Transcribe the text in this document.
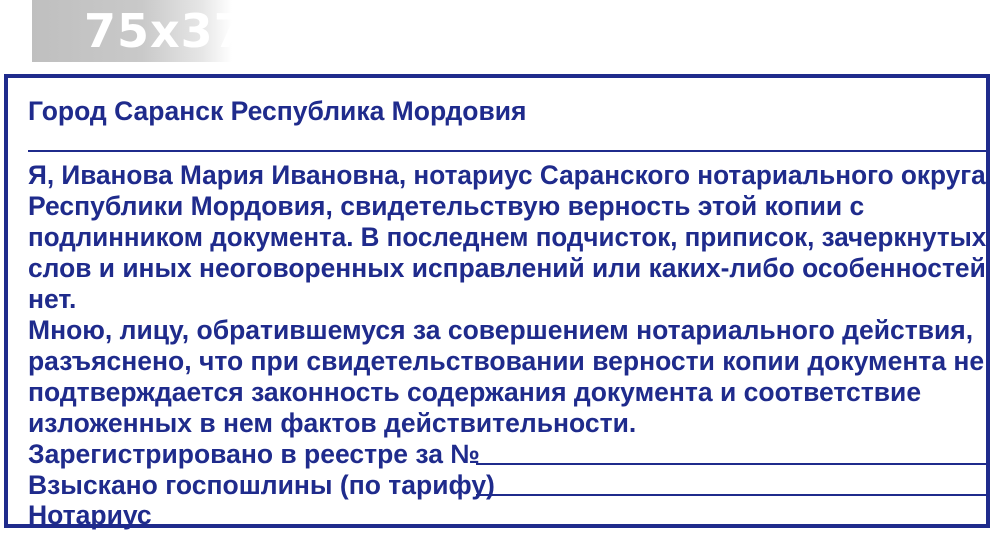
75х37
Город Саранск Республика Мордовия
Я, Иванова Мария Ивановна, нотариус Саранского нотариального округа
Республики Мордовия, свидетельствую верность этой копии с
подлинником документа. В последнем подчисток, приписок, зачеркнутых
слов и иных неоговоренных исправлений или каких-либо особенностей
нет.
Мною, лицу, обратившемуся за совершением нотариального действия,
разъяснено, что при свидетельствовании верности копии документа не
подтверждается законность содержания документа и соответствие
изложенных в нем фактов действительности.
Зарегистрировано в реестре за №
Взыскано госпошлины (по тарифу)
Нотариус
